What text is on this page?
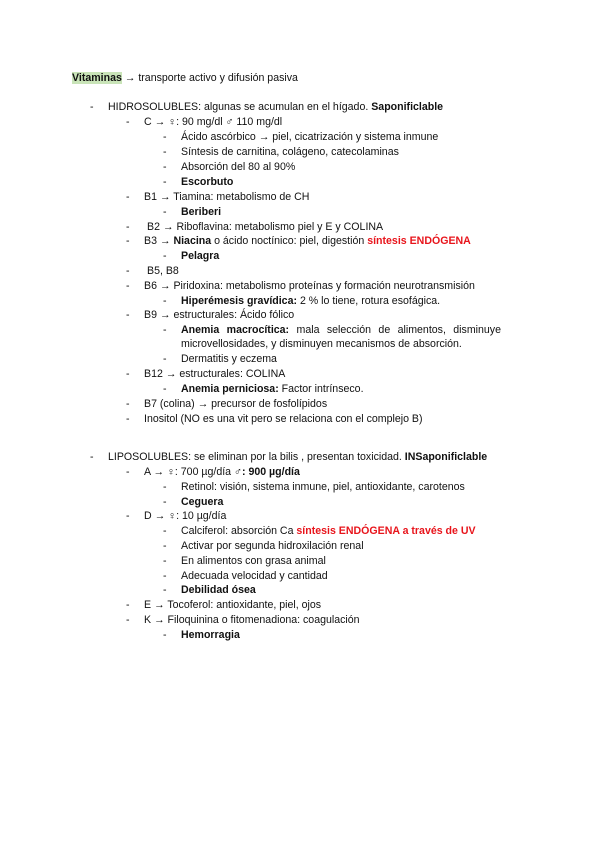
Vitaminas → transporte activo y difusión pasiva
- HIDROSOLUBLES: algunas se acumulan en el hígado. Saponificlable
- C → ♀: 90 mg/dl ♂ 110 mg/dl
- Ácido ascórbico → piel, cicatrización y sistema inmune
- Síntesis de carnitina, colágeno, catecolaminas
- Absorción del 80 al 90%
- Escorbuto
- B1 → Tiamina: metabolismo de CH
- Beriberi
- B2 → Riboflavina: metabolismo piel y E y COLINA
- B3 → Niacina o ácido noctínico: piel, digestión síntesis ENDÓGENA
- Pelagra
- B5, B8
- B6 → Piridoxina: metabolismo proteínas y formación neurotransmisión
- Hiperémesis gravídica: 2 % lo tiene, rotura esofágica.
- B9 → estructurales: Ácido fólico
- Anemia macrocítica: mala selección de alimentos, disminuye microvellosidades, y disminuyen mecanismos de absorción.
- Dermatitis y eczema
- B12 → estructurales: COLINA
- Anemia perniciosa: Factor intrínseco.
- B7 (colina) → precursor de fosfolípidos
- Inositol (NO es una vit pero se relaciona con el complejo B)
- LIPOSOLUBLES: se eliminan por la bilis , presentan toxicidad. INSaponificlable
- A → ♀: 700 µg/día ♂: 900 µg/día
- Retinol: visión, sistema inmune, piel, antioxidante, carotenos
- Ceguera
- D → ♀: 10 µg/día
- Calciferol: absorción Ca síntesis ENDÓGENA a través de UV
- Activar por segunda hidroxilación renal
- En alimentos con grasa animal
- Adecuada velocidad y cantidad
- Debilidad ósea
- E → Tocoferol: antioxidante, piel, ojos
- K → Filoquinina o fitomenadiona: coagulación
- Hemorragia
